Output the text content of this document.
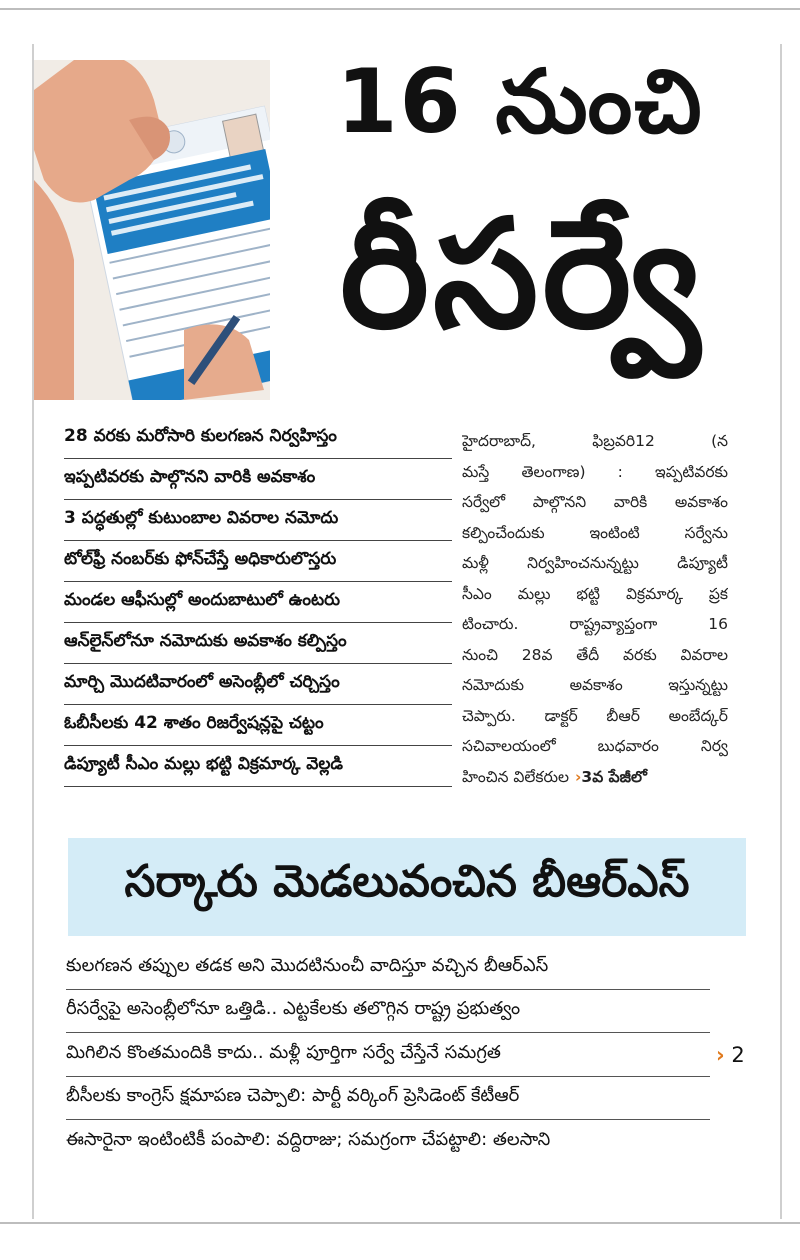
16 నుంచి
రీసర్వే
28 వరకు మరోసారి కులగణన నిర్వహిస్తం
ఇప్పటివరకు పాల్గొనని వారికి అవకాశం
3 పద్ధతుల్లో కుటుంబాల వివరాల నమోదు
టోల్‌ఫ్రీ నంబర్‌కు ఫోన్‌చేస్తే అధికారులొస్తరు
మండల ఆఫీసుల్లో అందుబాటులో ఉంటరు
ఆన్‌లైన్‌లోనూ నమోదుకు అవకాశం కల్పిస్తం
మార్చి మొదటివారంలో అసెంబ్లీలో చర్చిస్తం
ఓబీసీలకు 42 శాతం రిజర్వేషన్లపై చట్టం
డిప్యూటీ సీఎం మల్లు భట్టి విక్రమార్క వెల్లడి

హైదరాబాద్, ఫిబ్రవరి12 (న

మస్తే తెలంగాణ) : ఇప్పటివరకు

సర్వేలో పాల్గొనని వారికి అవకాశం

కల్పించేందుకు ఇంటింటి సర్వేను

మళ్లీ నిర్వహించనున్నట్టు డిప్యూటీ

సీఎం మల్లు భట్టి విక్రమార్క ప్రక

టించారు. రాష్ట్రవ్యాప్తంగా 16

నుంచి 28వ తేదీ వరకు వివరాల

నమోదుకు అవకాశం ఇస్తున్నట్టు

చెప్పారు. డాక్టర్ బీఆర్ అంబేద్కర్

సచివాలయంలో బుధవారం నిర్వ

హించిన విలేకరుల ›3వ పేజీలో

సర్కారు మెడలువంచిన బీఆర్‌ఎస్
కులగణన తప్పుల తడక అని మొదటినుంచీ వాదిస్తూ వచ్చిన బీఆర్‌ఎస్
రీసర్వేపై అసెంబ్లీలోనూ ఒత్తిడి.. ఎట్టకేలకు తలొగ్గిన రాష్ట్ర ప్రభుత్వం
మిగిలిన కొంతమందికి కాదు.. మళ్లీ పూర్తిగా సర్వే చేస్తేనే సమగ్రత
బీసీలకు కాంగ్రెస్ క్షమాపణ చెప్పాలి: పార్టీ వర్కింగ్ ప్రెసిడెంట్ కేటీఆర్
ఈసారైనా ఇంటింటికీ పంపాలి: వద్దిరాజు; సమగ్రంగా చేపట్టాలి: తలసాని
› 2
